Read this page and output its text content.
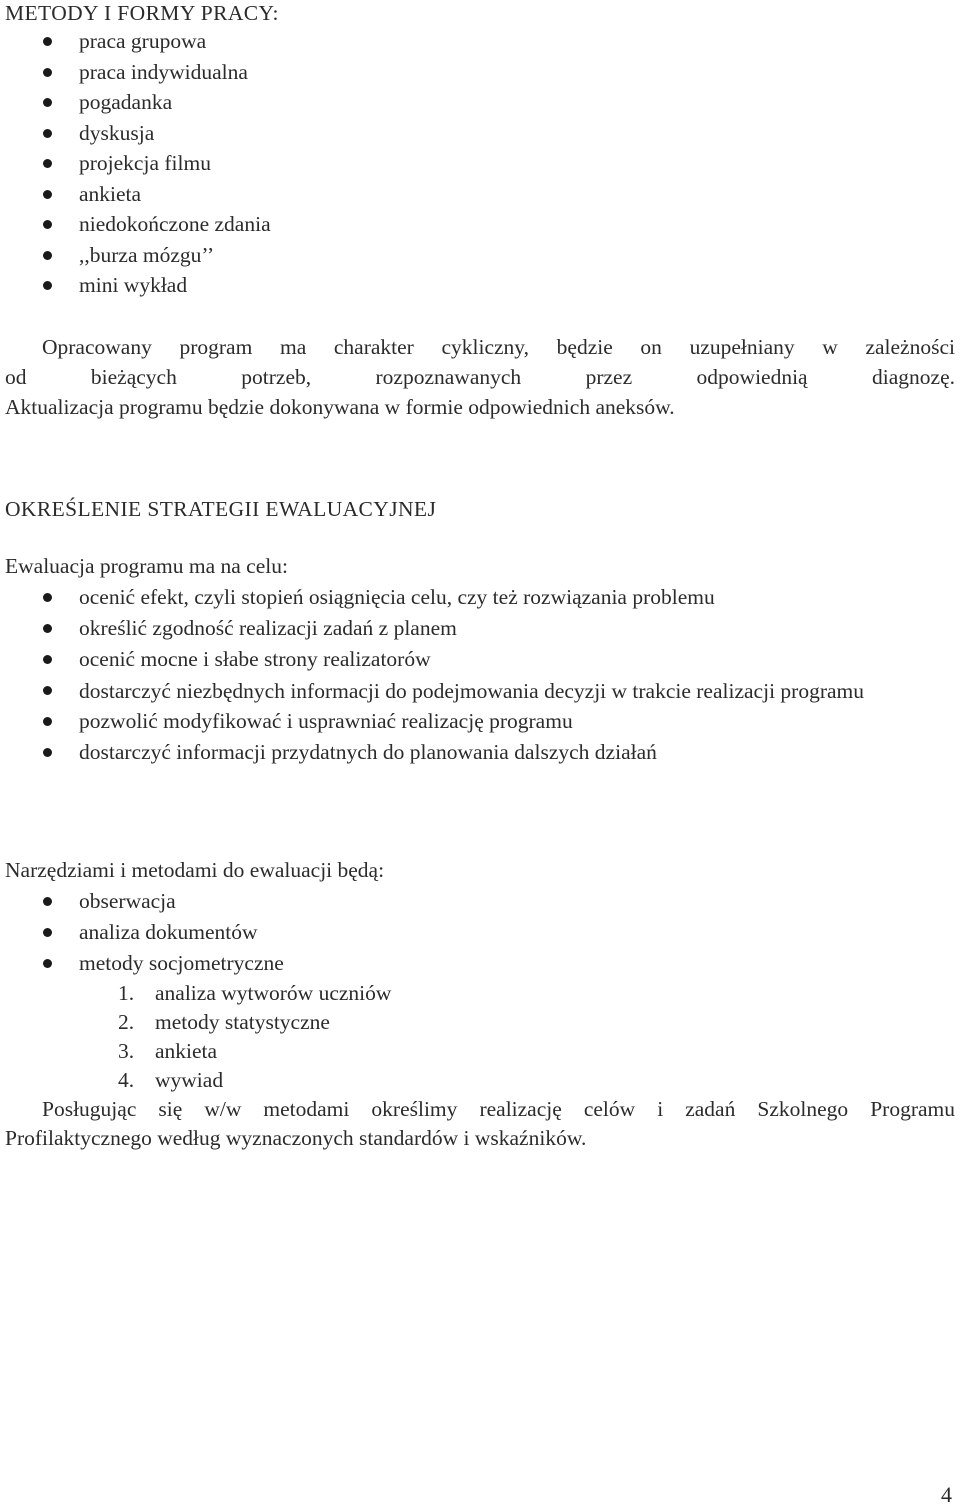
METODY I FORMY PRACY:
praca grupowa
praca indywidualna
pogadanka
dyskusja
projekcja filmu
ankieta
niedokończone zdania
,,burza mózgu’’
mini wykład

Opracowany program ma charakter cykliczny, będzie on uzupełniany w zależności
od bieżących potrzeb, rozpoznawanych przez odpowiednią diagnozę.
Aktualizacja programu będzie dokonywana w formie odpowiednich aneksów.

OKREŚLENIE STRATEGII EWALUACYJNEJ
Ewaluacja programu ma na celu:
ocenić efekt, czyli stopień osiągnięcia celu, czy też rozwiązania problemu
określić zgodność realizacji zadań z planem
ocenić mocne i słabe strony realizatorów
dostarczyć niezbędnych informacji do podejmowania decyzji w trakcie realizacji programu
pozwolić modyfikować i usprawniać realizację programu
dostarczyć informacji przydatnych do planowania dalszych działań
Narzędziami i metodami do ewaluacji będą:
obserwacja
analiza dokumentów
metody socjometryczne
1. analiza wytworów uczniów
2. metody statystyczne
3. ankieta
4. wywiad

Posługując się w/w metodami określimy realizację celów i zadań Szkolnego Programu
Profilaktycznego według wyznaczonych standardów i wskaźników.

4
